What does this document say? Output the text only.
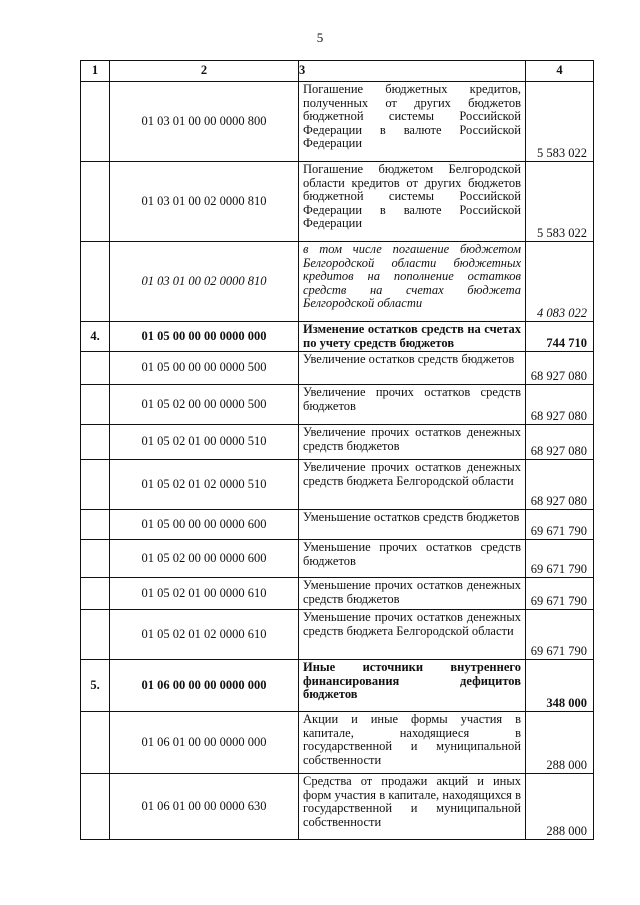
5
1	2	3	4
	01 03 01 00 00 0000 800	Погашение бюджетных кредитов, полученных от других бюджетов бюджетной системы Российской Федерации в валюте Российской Федерации	5 583 022
	01 03 01 00 02 0000 810	Погашение бюджетом Белгородской области кредитов от других бюджетов бюджетной системы Российской Федерации в валюте Российской Федерации	5 583 022
	01 03 01 00 02 0000 810	в том числе погашение бюджетом Белгородской области бюджетных кредитов на пополнение остатков средств на счетах бюджета Белгородской области	4 083 022
4.	01 05 00 00 00 0000 000	Изменение остатков средств на счетах по учету средств бюджетов	744 710
	01 05 00 00 00 0000 500	Увеличение остатков средств бюджетов	68 927 080
	01 05 02 00 00 0000 500	Увеличение прочих остатков средств бюджетов	68 927 080
	01 05 02 01 00 0000 510	Увеличение прочих остатков денежных средств бюджетов	68 927 080
	01 05 02 01 02 0000 510	Увеличение прочих остатков денежных средств бюджета Белгородской области	68 927 080
	01 05 00 00 00 0000 600	Уменьшение остатков средств бюджетов	69 671 790
	01 05 02 00 00 0000 600	Уменьшение прочих остатков средств бюджетов	69 671 790
	01 05 02 01 00 0000 610	Уменьшение прочих остатков денежных средств бюджетов	69 671 790
	01 05 02 01 02 0000 610	Уменьшение прочих остатков денежных средств бюджета Белгородской области	69 671 790
5.	01 06 00 00 00 0000 000	Иные источники внутреннего финансирования дефицитов бюджетов	348 000
	01 06 01 00 00 0000 000	Акции и иные формы участия в капитале, находящиеся в государственной и муниципальной собственности	288 000
	01 06 01 00 00 0000 630	Средства от продажи акций и иных форм участия в капитале, находящихся в государственной и муниципальной собственности	288 000
